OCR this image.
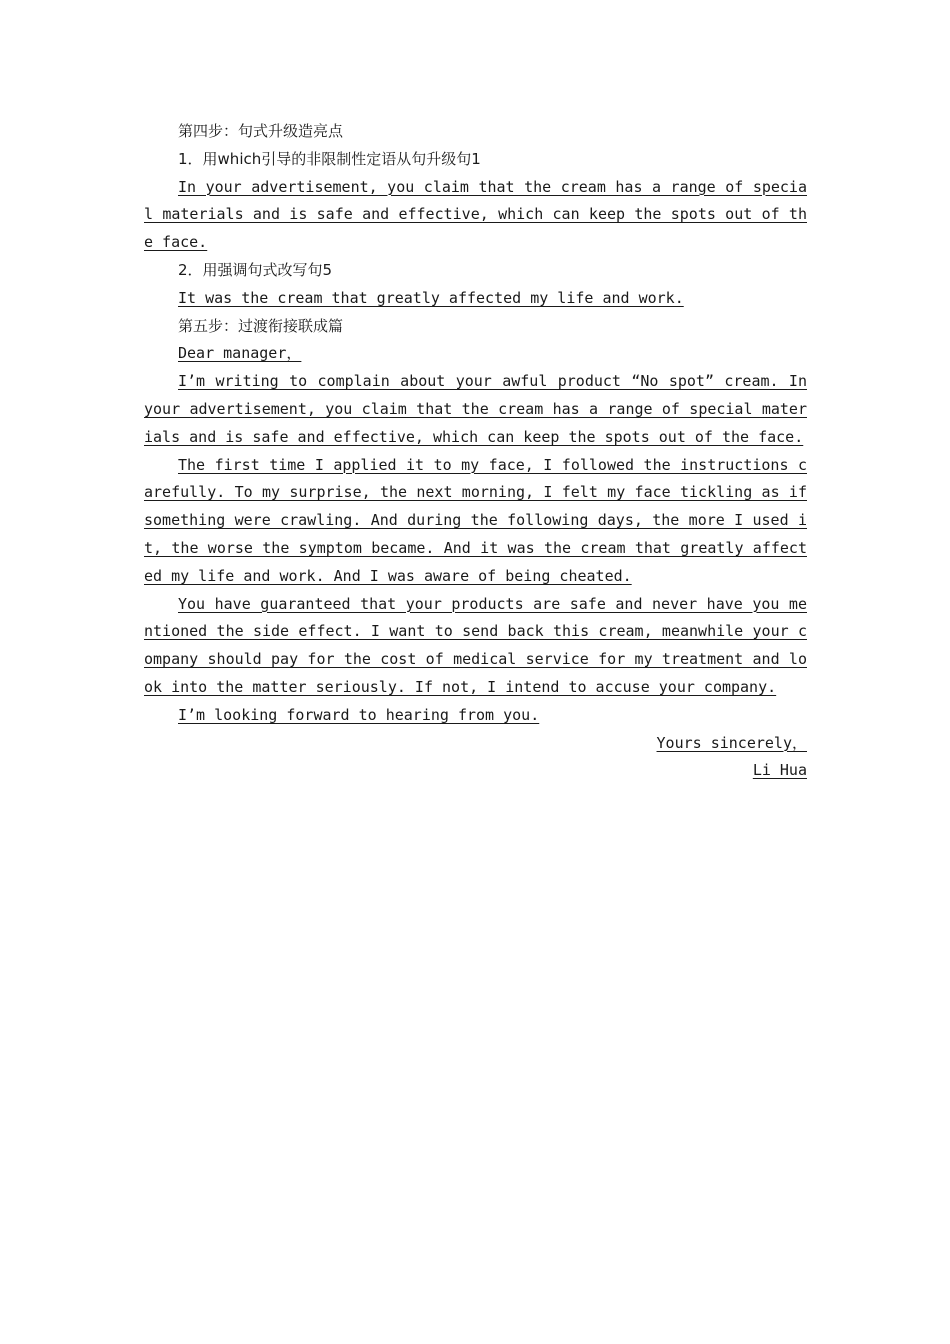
第四步：句式升级造亮点
1．用which引导的非限制性定语从句升级句1
In your advertisement, you claim that the cream has a range of special materials and is safe and effective, which can keep the spots out of the face.
2．用强调句式改写句5
It was the cream that greatly affected my life and work.
第五步：过渡衔接联成篇
Dear manager，
I’m writing to complain about your awful product “No spot” cream. In your advertisement, you claim that the cream has a range of special materials and is safe and effective, which can keep the spots out of the face.
The first time I applied it to my face, I followed the instructions carefully. To my surprise, the next morning, I felt my face tickling as if something were crawling. And during the following days, the more I used it, the worse the symptom became. And it was the cream that greatly affected my life and work. And I was aware of being cheated.
You have guaranteed that your products are safe and never have you mentioned the side effect. I want to send back this cream, meanwhile your company should pay for the cost of medical service for my treatment and look into the matter seriously. If not, I intend to accuse your company.
I’m looking forward to hearing from you.
Yours sincerely，
Li Hua
